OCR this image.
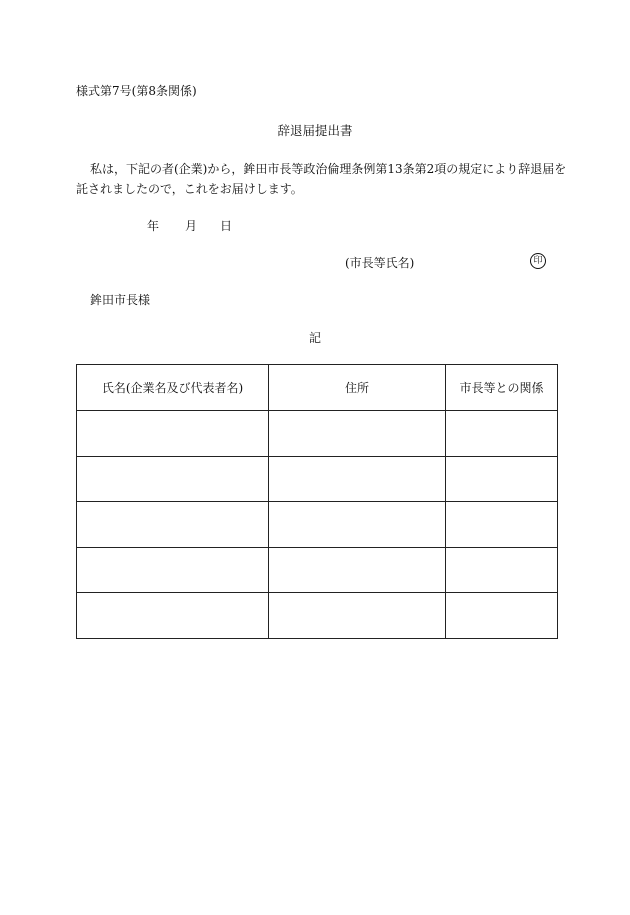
様式第7号(第8条関係)
辞退届提出書
私は，下記の者(企業)から，鉾田市長等政治倫理条例第13条第2項の規定により辞退届を
託されましたので，これをお届けします。
年 月 日
(市長等氏名)	印
鉾田市長様
記
氏名(企業名及び代表者名)	住所	市長等との関係
